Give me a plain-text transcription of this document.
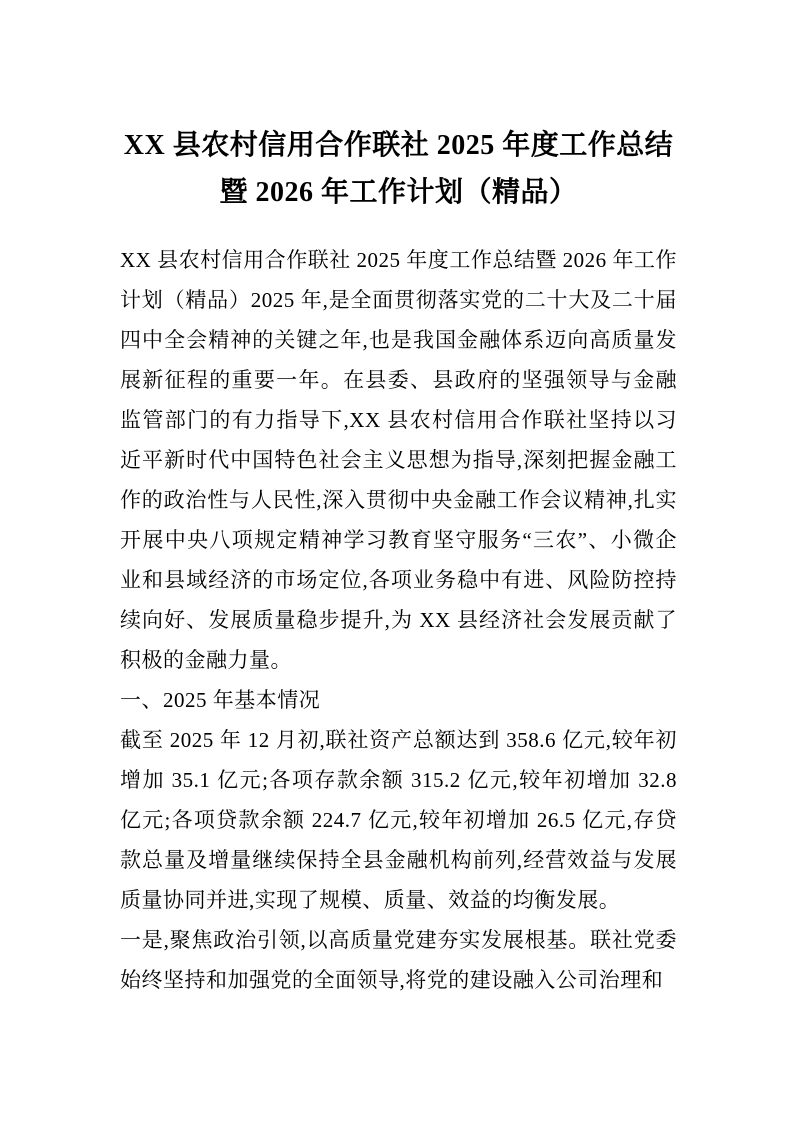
XX 县农村信用合作联社 2025 年度工作总结
暨 2026 年工作计划（精品）

XX 县农村信用合作联社 2025 年度工作总结暨 2026 年工作计划（精品）2025 年,是全面贯彻落实党的二十大及二十届四中全会精神的关键之年,也是我国金融体系迈向高质量发展新征程的重要一年。在县委、县政府的坚强领导与金融监管部门的有力指导下,XX 县农村信用合作联社坚持以习近平新时代中国特色社会主义思想为指导,深刻把握金融工作的政治性与人民性,深入贯彻中央金融工作会议精神,扎实开展中央八项规定精神学习教育坚守服务“三农”、小微企业和县域经济的市场定位,各项业务稳中有进、风险防控持续向好、发展质量稳步提升,为 XX 县经济社会发展贡献了积极的金融力量。

一、2025 年基本情况

截至 2025 年 12 月初,联社资产总额达到 358.6 亿元,较年初增加 35.1 亿元;各项存款余额 315.2 亿元,较年初增加 32.8 亿元;各项贷款余额 224.7 亿元,较年初增加 26.5 亿元,存贷款总量及增量继续保持全县金融机构前列,经营效益与发展质量协同并进,实现了规模、质量、效益的均衡发展。

一是,聚焦政治引领,以高质量党建夯实发展根基。联社党委始终坚持和加强党的全面领导,将党的建设融入公司治理和
